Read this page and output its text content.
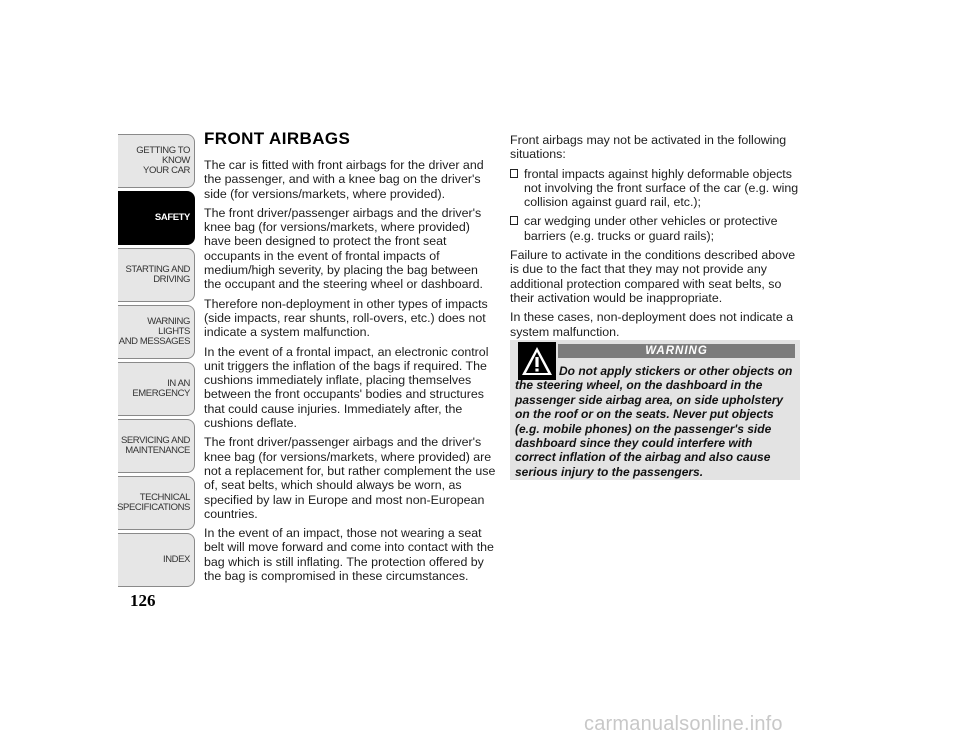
GETTING TO KNOW
YOUR CAR
SAFETY
STARTING AND
DRIVING
WARNING LIGHTS
AND MESSAGES
IN AN EMERGENCY
SERVICING AND
MAINTENANCE
TECHNICAL
SPECIFICATIONS
INDEX
126
FRONT AIRBAGS

The car is fitted with front airbags for the driver and the passenger, and with a knee bag on the driver's side (for versions/markets, where provided).

The front driver/passenger airbags and the driver's knee bag (for versions/markets, where provided) have been designed to protect the front seat occupants in the event of frontal impacts of medium/high severity, by placing the bag between the occupant and the steering wheel or dashboard.

Therefore non-deployment in other types of impacts (side impacts, rear shunts, roll-overs, etc.) does not indicate a system malfunction.

In the event of a frontal impact, an electronic control unit triggers the inflation of the bags if required. The cushions immediately inflate, placing themselves between the front occupants' bodies and structures that could cause injuries. Immediately after, the cushions deflate.

The front driver/passenger airbags and the driver's knee bag (for versions/markets, where provided) are not a replacement for, but rather complement the use of, seat belts, which should always be worn, as specified by law in Europe and most non-European countries.

In the event of an impact, those not wearing a seat belt will move forward and come into contact with the bag which is still inflating. The protection offered by the bag is compromised in these circumstances.

Front airbags may not be activated in the following situations:

frontal impacts against highly deformable objects not involving the front surface of the car (e.g. wing collision against guard rail, etc.);
car wedging under other vehicles or protective barriers (e.g. trucks or guard rails);

Failure to activate in the conditions described above is due to the fact that they may not provide any additional protection compared with seat belts, so their activation would be inappropriate.

In these cases, non-deployment does not indicate a system malfunction.

WARNING
Do not apply stickers or other objects on the steering wheel, on the dashboard in the passenger side airbag area, on side upholstery on the roof or on the seats. Never put objects (e.g. mobile phones) on the passenger's side dashboard since they could interfere with correct inflation of the airbag and also cause serious injury to the passengers.
carmanualsonline.info
